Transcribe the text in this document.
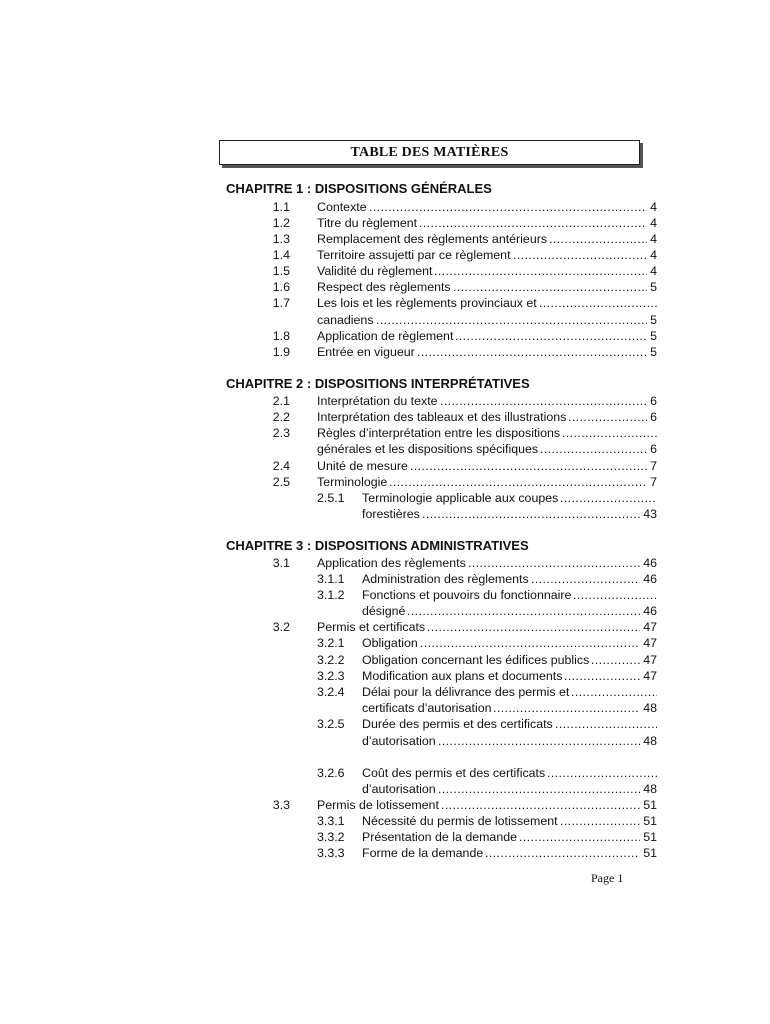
TABLE DES MATIÈRES
CHAPITRE 1 : DISPOSITIONS GÉNÉRALES
CHAPITRE 2 : DISPOSITIONS INTERPRÉTATIVES
CHAPITRE 3 : DISPOSITIONS ADMINISTRATIVES
1.1 Contexte .....	4
1.2 Titre du règlement .....	4
1.3 Remplacement des règlements antérieurs .....	4
1.4 Territoire assujetti par ce règlement .....	4
1.5 Validité du règlement .....	4
1.6 Respect des règlements .....	5
1.7 Les lois et les règlements provinciaux et
.....
canadiens .....	5
1.8 Application de règlement .....	5
1.9 Entrée en vigueur .....	5
2.1 Interprétation du texte .....	6
2.2 Interprétation des tableaux et des illustrations .....	6
2.3 Règles d’interprétation entre les dispositions
.....
générales et les dispositions spécifiques .....	6
2.4 Unité de mesure .....	7
2.5 Terminologie .....	7
2.5.1 Terminologie applicable aux coupes
.....
forestières .....	43
3.1 Application des règlements .....	46
3.1.1 Administration des règlements .....	46
3.1.2 Fonctions et pouvoirs du fonctionnaire
.....
désigné .....	46
3.2 Permis et certificats .....	47
3.2.1 Obligation .....	47
3.2.2 Obligation concernant les édifices publics .....	47
3.2.3 Modification aux plans et documents .....	47
3.2.4 Délai pour la délivrance des permis et
.....
certificats d’autorisation .....	48
3.2.5 Durée des permis et des certificats
.....
d’autorisation .....	48
3.2.6 Coût des permis et des certificats
.....
d’autorisation .....	48
3.3 Permis de lotissement .....	51
3.3.1 Nécessité du permis de lotissement .....	51
3.3.2 Présentation de la demande .....	51
3.3.3 Forme de la demande .....	51
Page 1
